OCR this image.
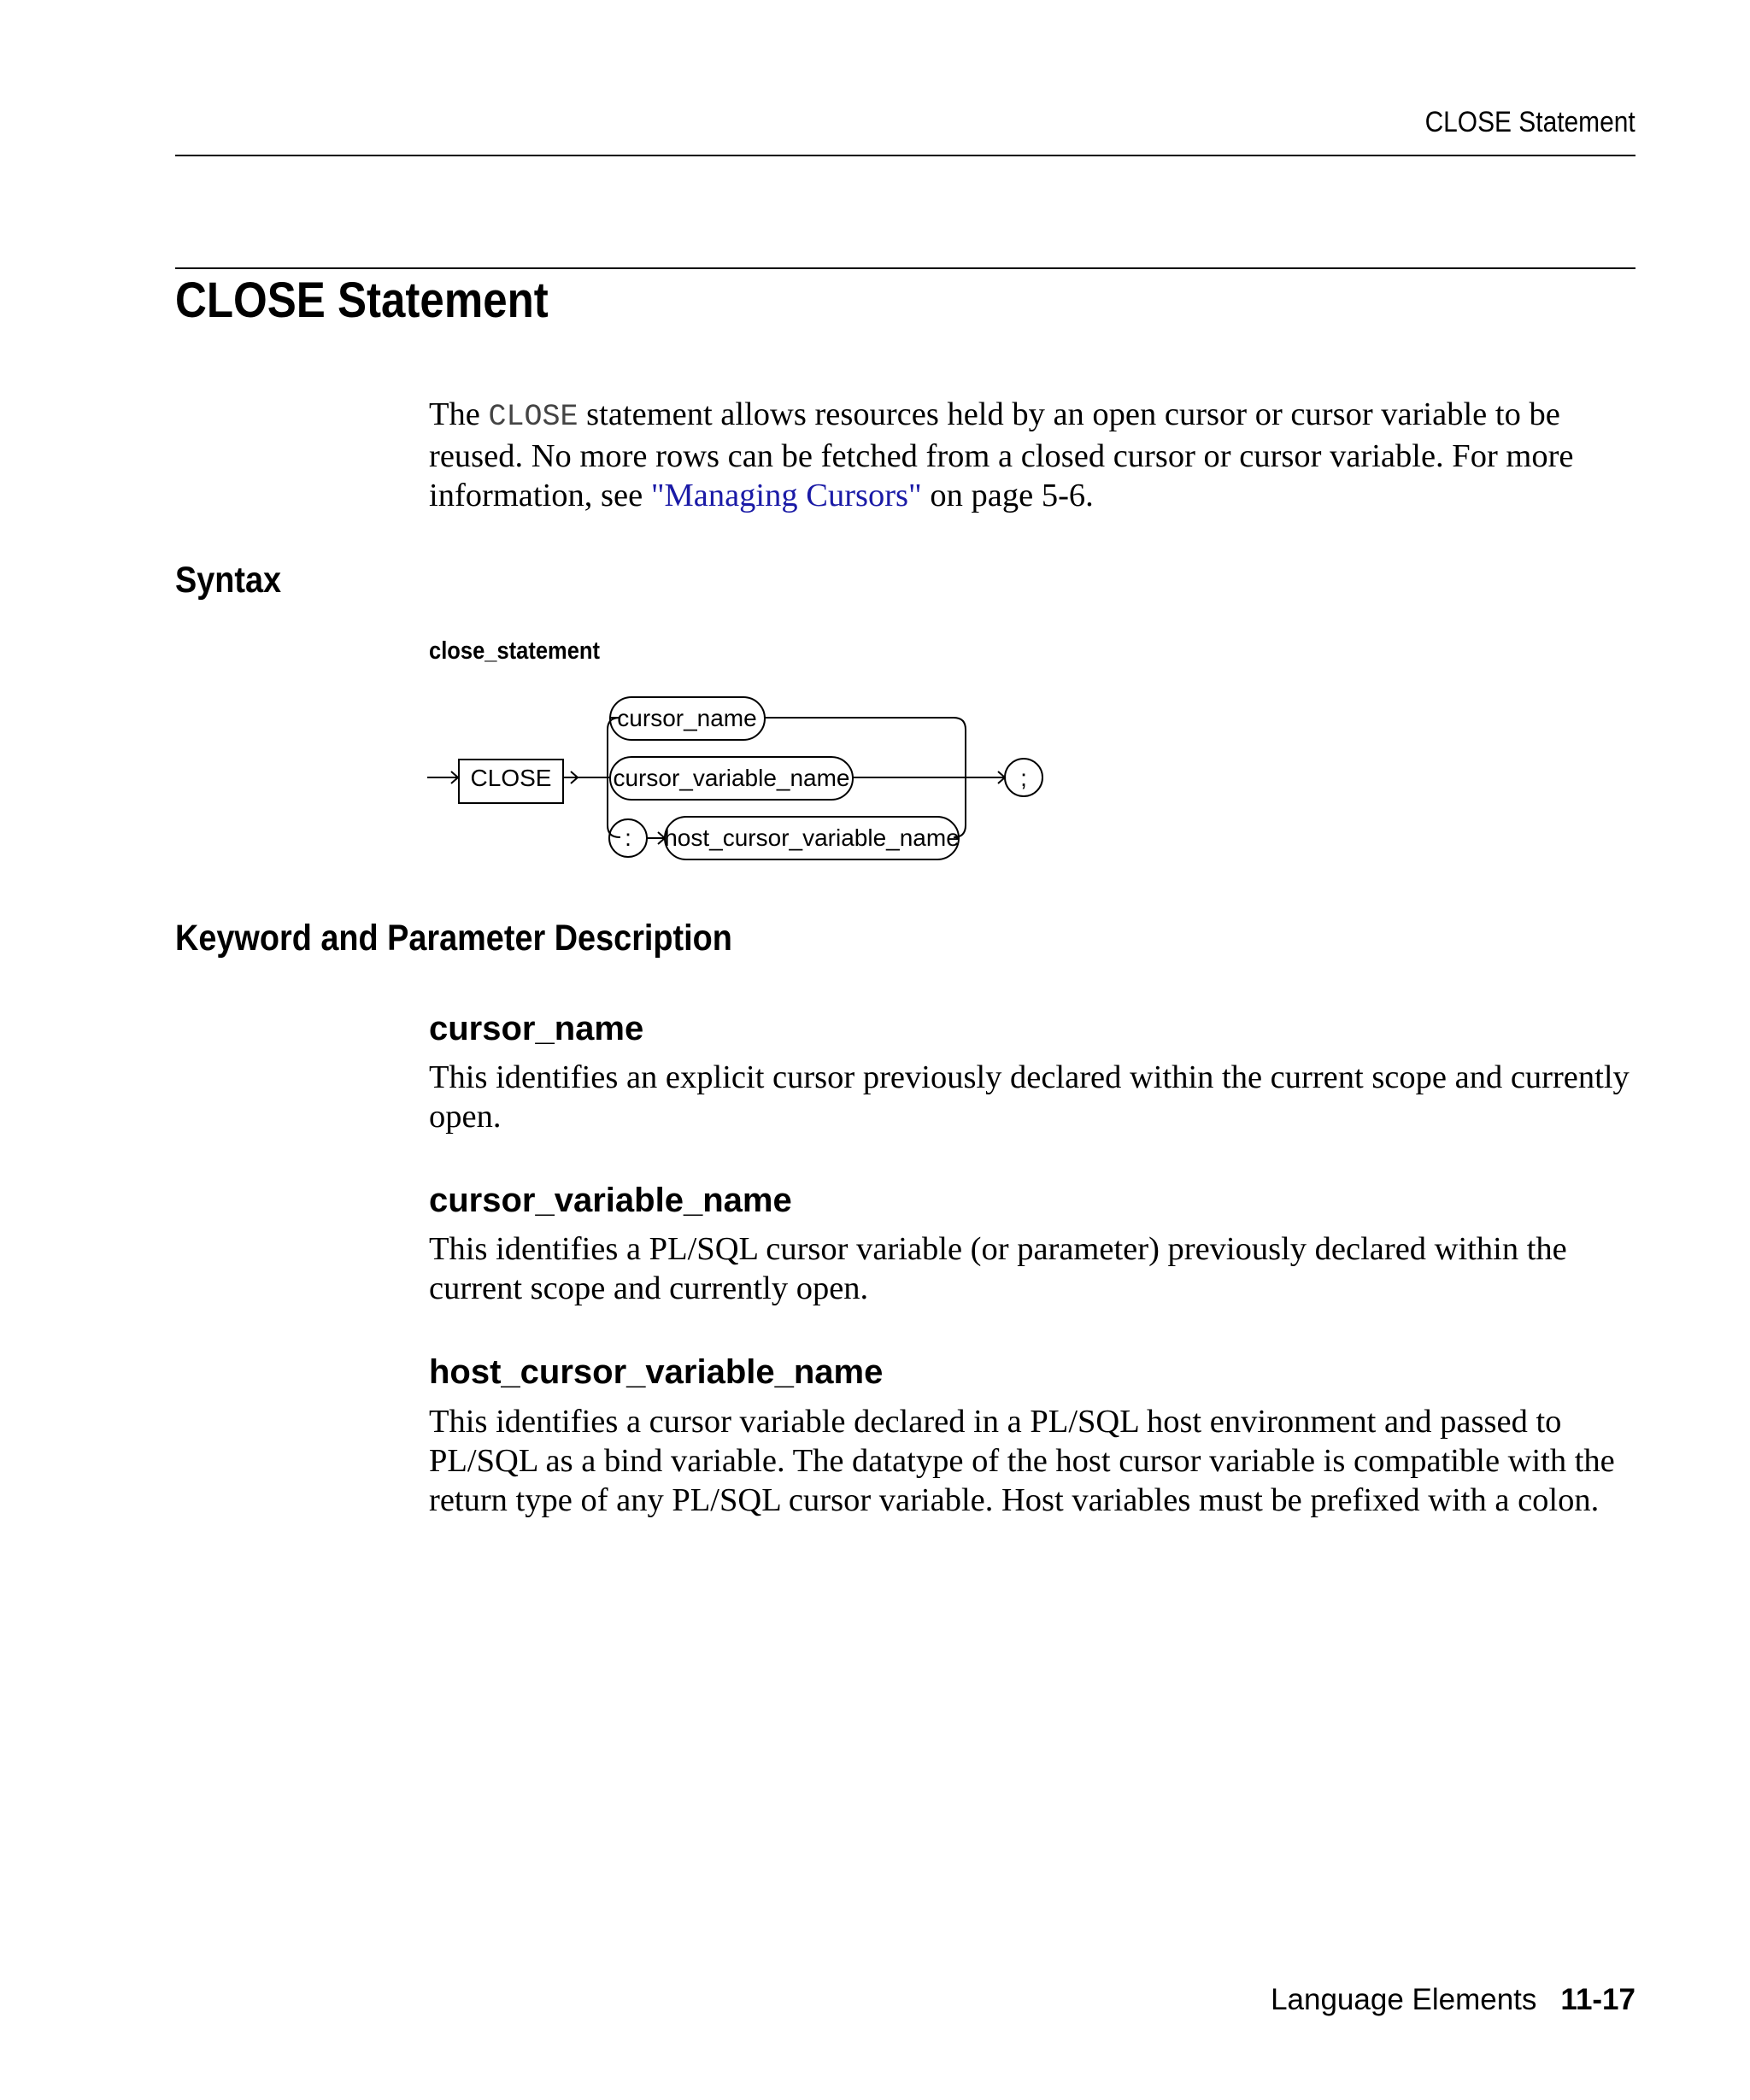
CLOSE Statement
CLOSE Statement

The CLOSE statement allows resources held by an open cursor or cursor variable to be reused. No more rows can be fetched from a closed cursor or cursor variable. For more information, see "Managing Cursors" on page 5-6.

Syntax
close_statement
CLOSE
cursor_name
cursor_variable_name
: host_cursor_variable_name
;
Keyword and Parameter Description
cursor_name

This identifies an explicit cursor previously declared within the current scope and currently open.

cursor_variable_name

This identifies a PL/SQL cursor variable (or parameter) previously declared within the current scope and currently open.

host_cursor_variable_name

This identifies a cursor variable declared in a PL/SQL host environment and passed to PL/SQL as a bind variable. The datatype of the host cursor variable is compatible with the return type of any PL/SQL cursor variable. Host variables must be prefixed with a colon.

Language Elements 11-17
